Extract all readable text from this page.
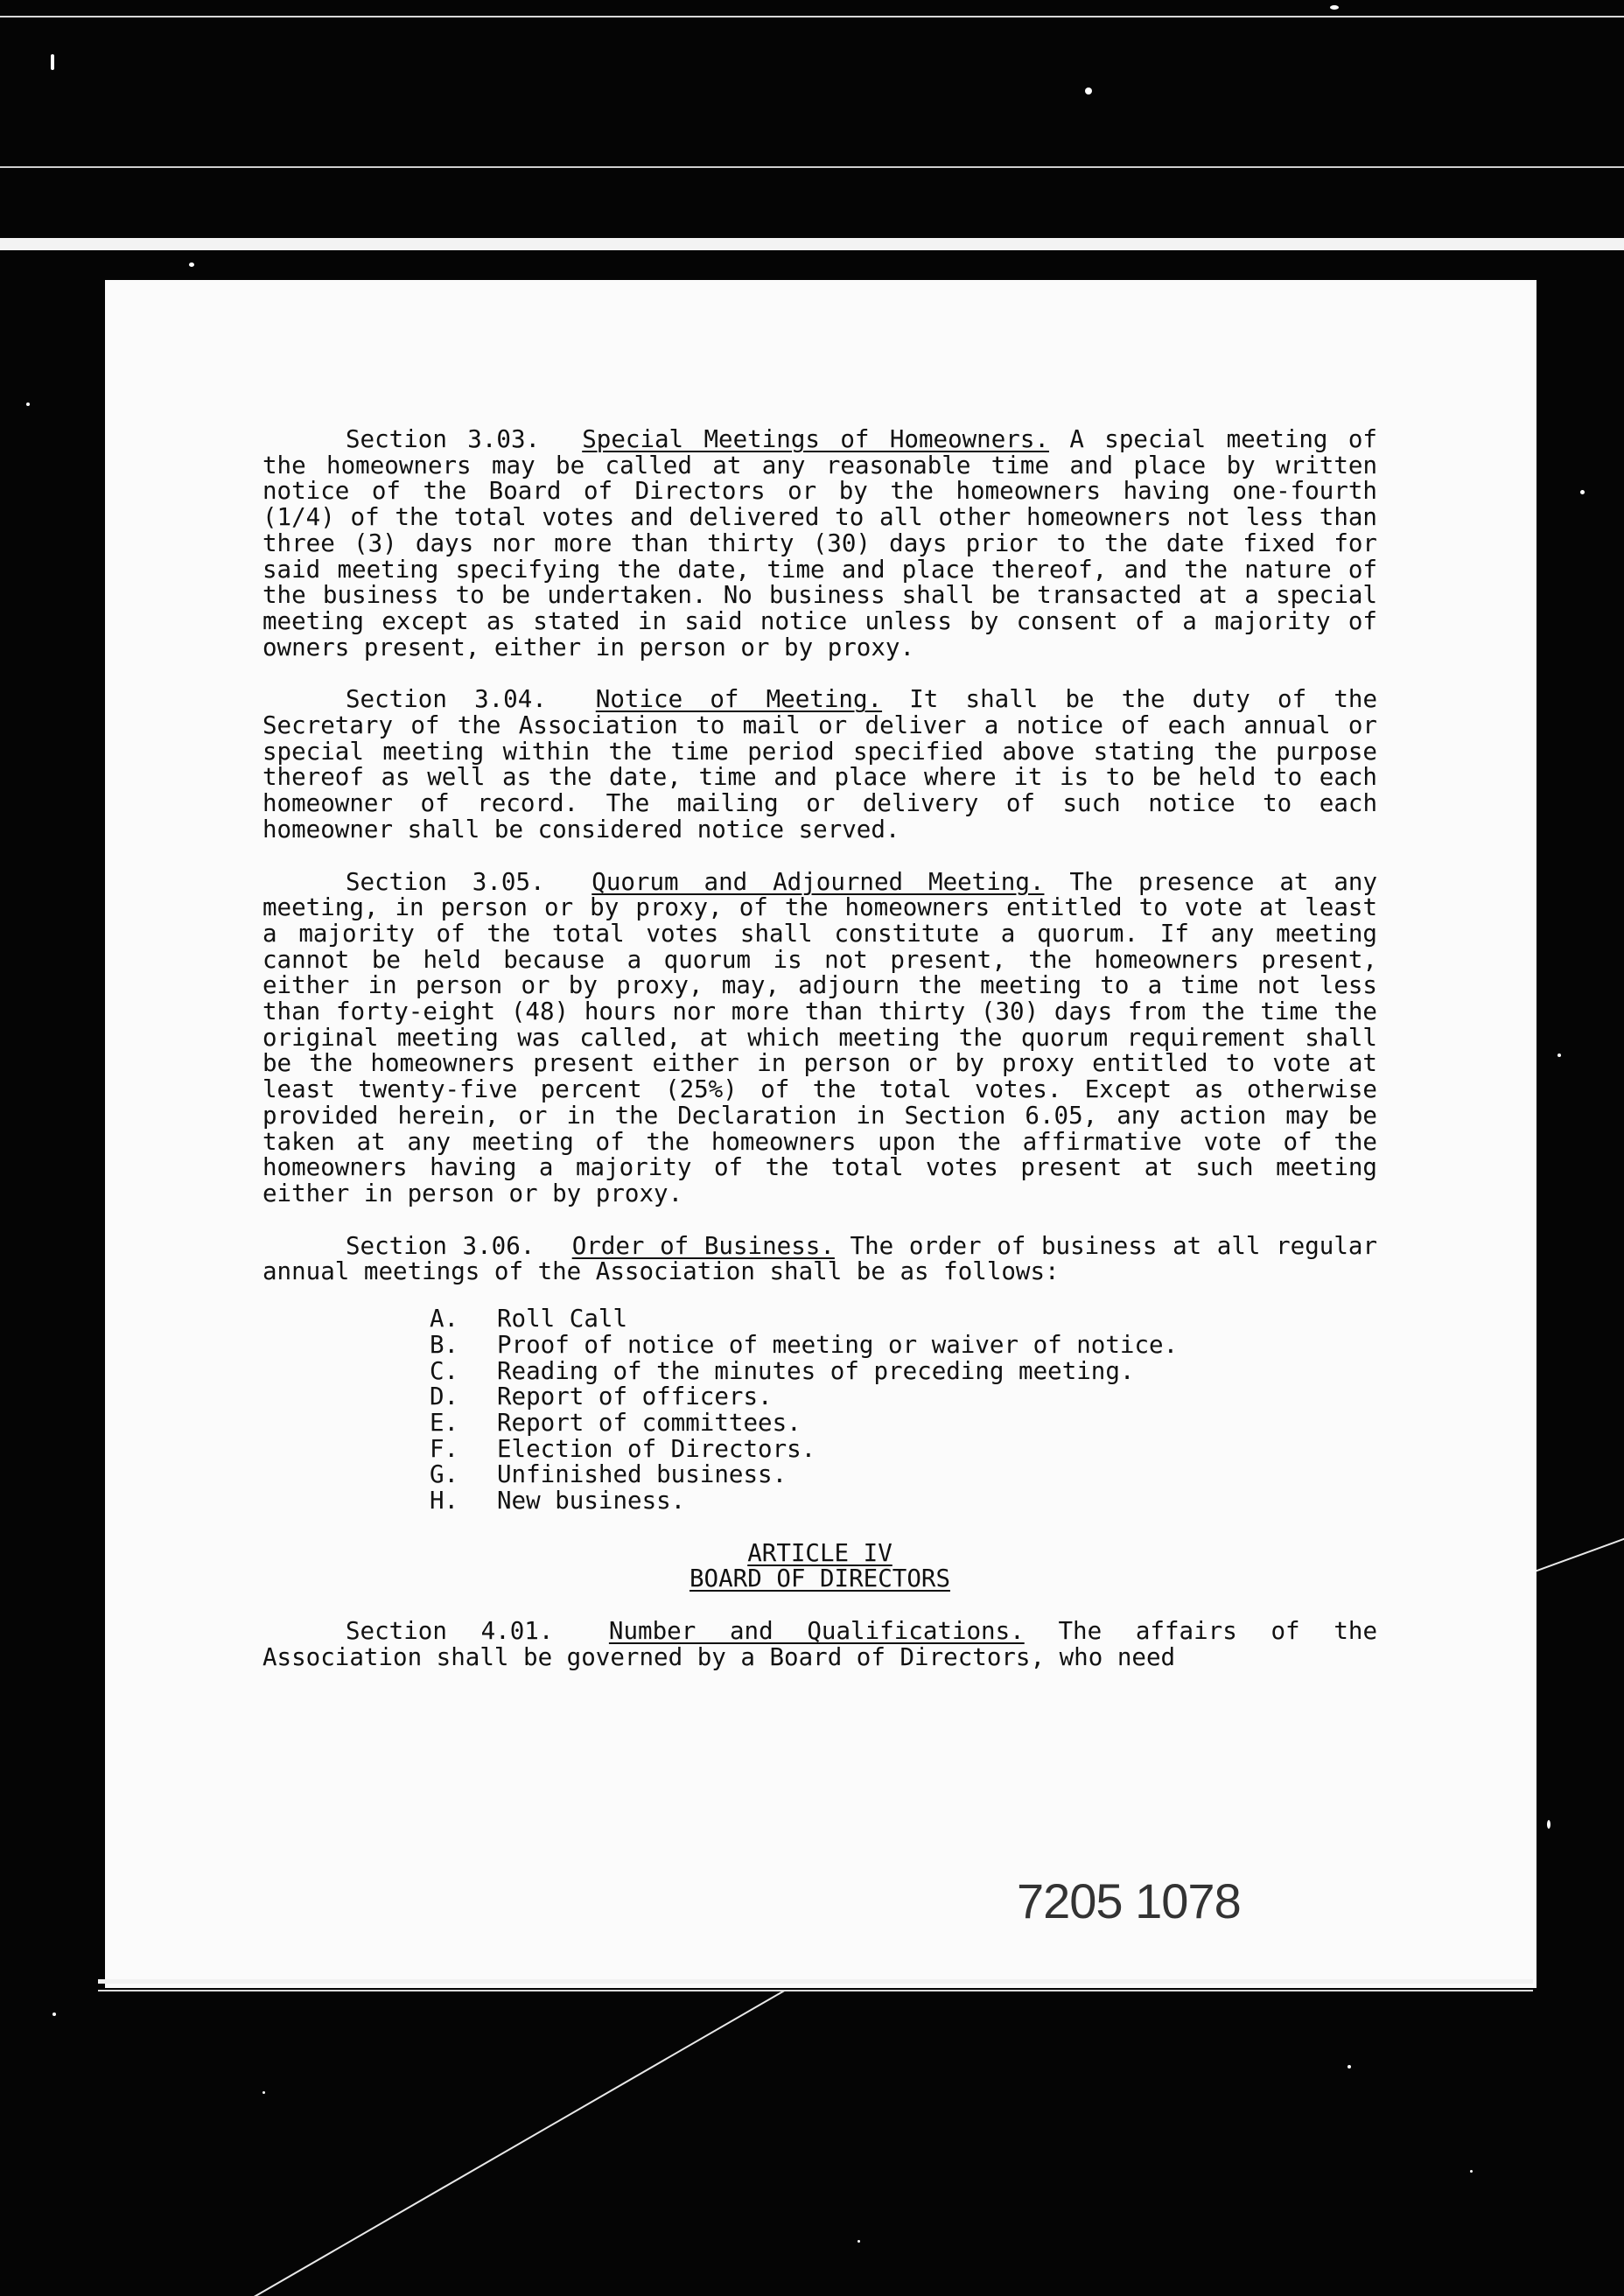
Section 3.03. Special Meetings of Homeowners. A special meeting of the homeowners may be called at any reasonable time and place by written notice of the Board of Directors or by the homeowners having one-fourth (1/4) of the total votes and delivered to all other homeowners not less than three (3) days nor more than thirty (30) days prior to the date fixed for said meeting specifying the date, time and place thereof, and the nature of the business to be undertaken. No business shall be transacted at a special meeting except as stated in said notice unless by consent of a majority of owners present, either in person or by proxy.

Section 3.04. Notice of Meeting. It shall be the duty of the Secretary of the Association to mail or deliver a notice of each annual or special meeting within the time period specified above stating the purpose thereof as well as the date, time and place where it is to be held to each homeowner of record. The mailing or delivery of such notice to each homeowner shall be considered notice served.

Section 3.05. Quorum and Adjourned Meeting. The presence at any meeting, in person or by proxy, of the homeowners entitled to vote at least a majority of the total votes shall constitute a quorum. If any meeting cannot be held because a quorum is not present, the homeowners present, either in person or by proxy, may, adjourn the meeting to a time not less than forty-eight (48) hours nor more than thirty (30) days from the time the original meeting was called, at which meeting the quorum requirement shall be the homeowners present either in person or by proxy entitled to vote at least twenty-five percent (25%) of the total votes. Except as otherwise provided herein, or in the Declaration in Section 6.05, any action may be taken at any meeting of the homeowners upon the affirmative vote of the homeowners having a majority of the total votes present at such meeting either in person or by proxy.

Section 3.06. Order of Business. The order of business at all regular annual meetings of the Association shall be as follows:

A.	Roll Call
B.	Proof of notice of meeting or waiver of notice.
C.	Reading of the minutes of preceding meeting.
D.	Report of officers.
E.	Report of committees.
F.	Election of Directors.
G.	Unfinished business.
H.	New business.
ARTICLE IV
BOARD OF DIRECTORS

Section 4.01. Number and Qualifications. The affairs of the Association shall be governed by a Board of Directors, who need

7205 1078
